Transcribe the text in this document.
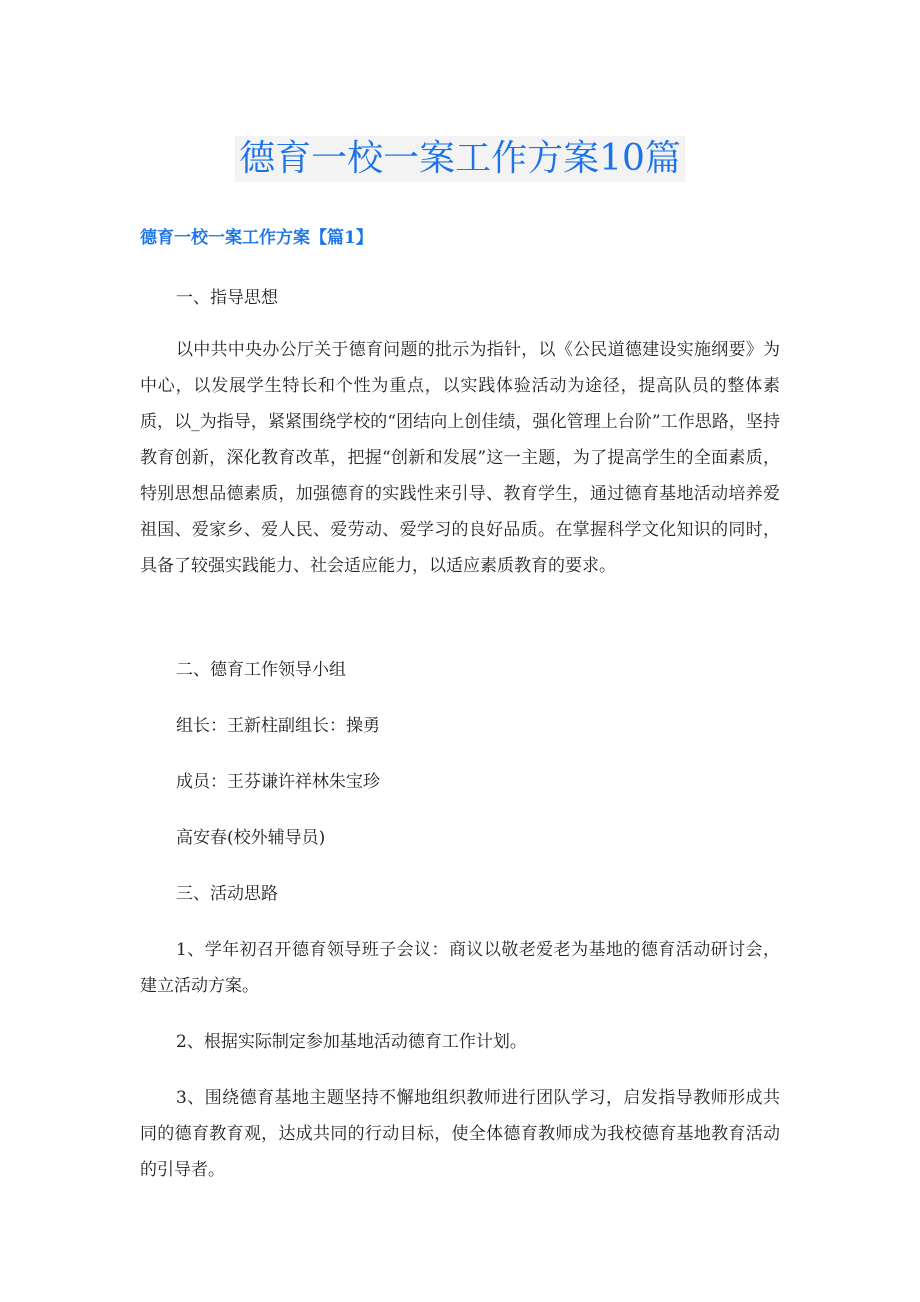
德育一校一案工作方案10篇
德育一校一案工作方案【篇1】

一、指导思想

以中共中央办公厅关于德育问题的批示为指针，以《公民道德建设实施纲要》为中心，以发展学生特长和个性为重点，以实践体验活动为途径，提高队员的整体素质，以_为指导，紧紧围绕学校的“团结向上创佳绩，强化管理上台阶”工作思路，坚持教育创新，深化教育改革，把握“创新和发展”这一主题，为了提高学生的全面素质，特别思想品德素质，加强德育的实践性来引导、教育学生，通过德育基地活动培养爱祖国、爱家乡、爱人民、爱劳动、爱学习的良好品质。在掌握科学文化知识的同时，具备了较强实践能力、社会适应能力，以适应素质教育的要求。

二、德育工作领导小组

组长：王新柱副组长：操勇

成员：王芬谦许祥林朱宝珍

高安春(校外辅导员)

三、活动思路

1、学年初召开德育领导班子会议：商议以敬老爱老为基地的德育活动研讨会，建立活动方案。

2、根据实际制定参加基地活动德育工作计划。

3、围绕德育基地主题坚持不懈地组织教师进行团队学习，启发指导教师形成共同的德育教育观，达成共同的行动目标，使全体德育教师成为我校德育基地教育活动的引导者。
